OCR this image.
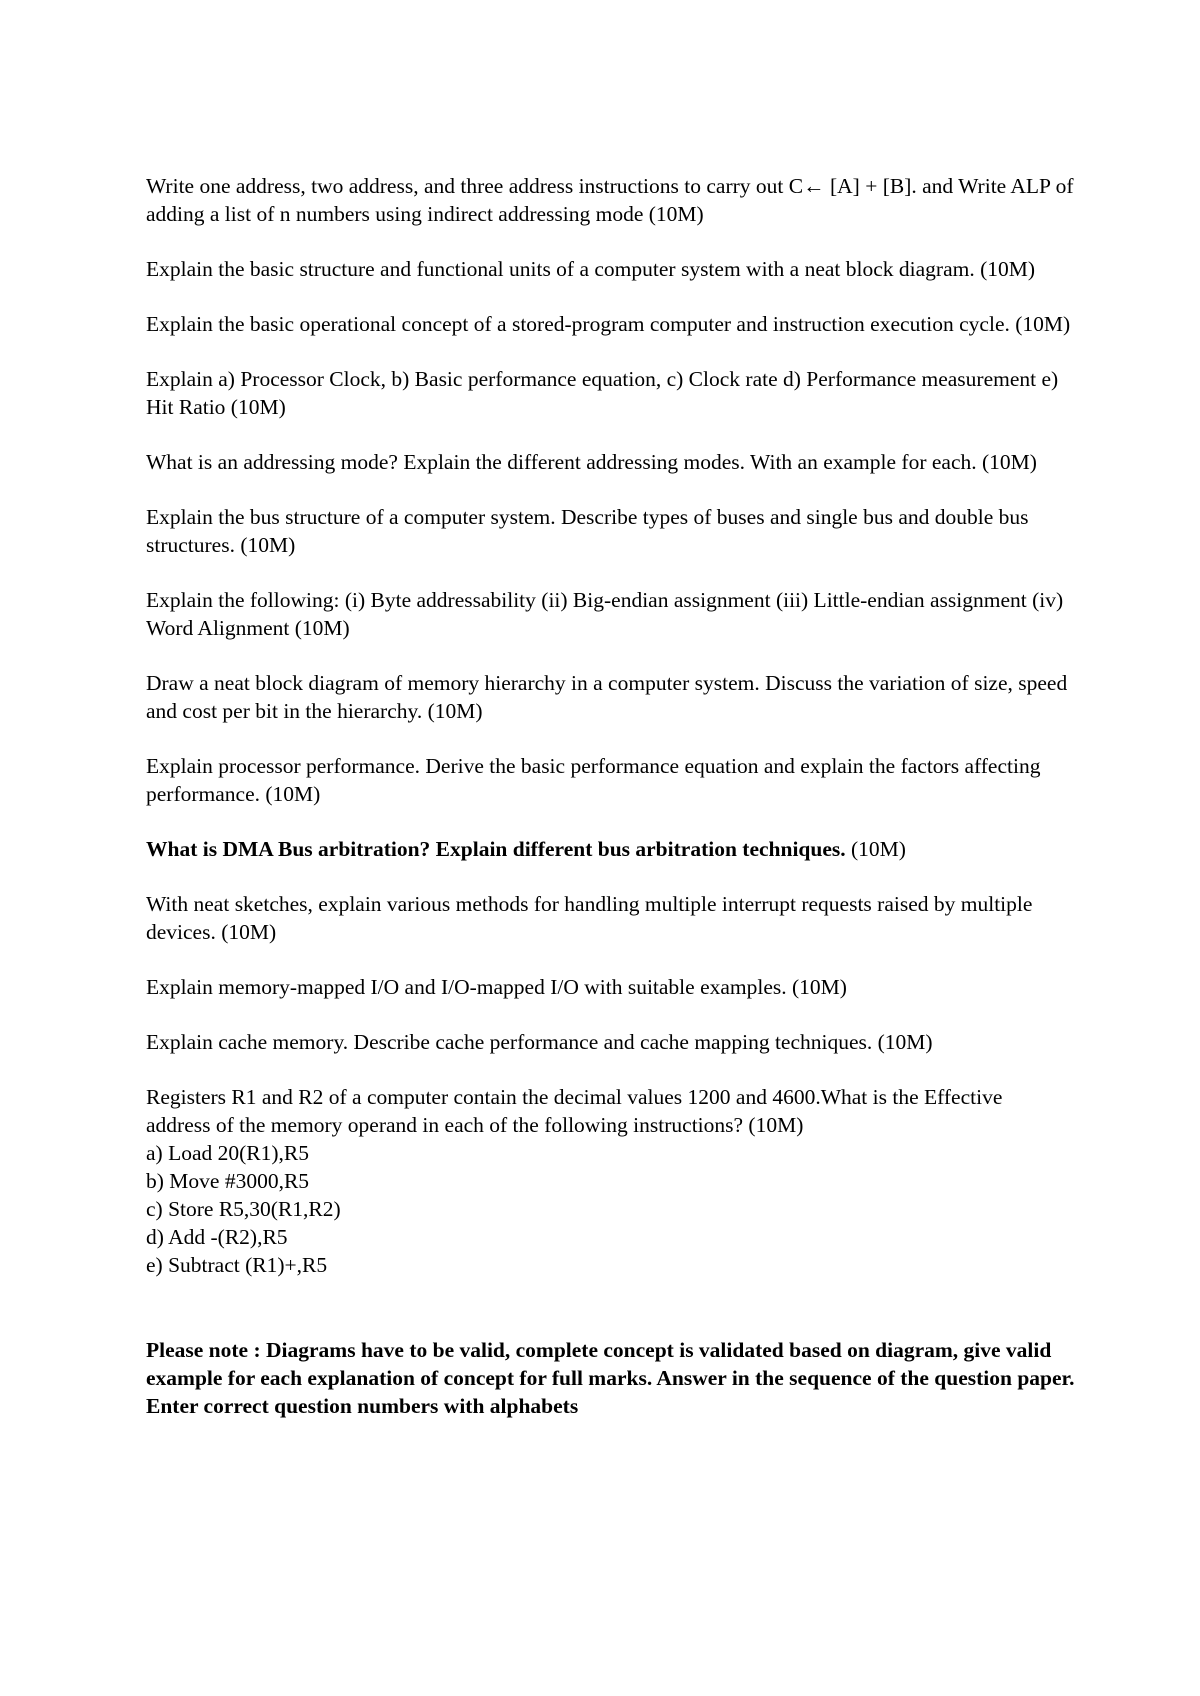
Write one address, two address, and three address instructions to carry out C← [A] + [B]. and Write ALP of adding a list of n numbers using indirect addressing mode (10M)

Explain the basic structure and functional units of a computer system with a neat block diagram. (10M)

Explain the basic operational concept of a stored-program computer and instruction execution cycle. (10M)

Explain a) Processor Clock, b) Basic performance equation, c) Clock rate d) Performance measurement e) Hit Ratio (10M)

What is an addressing mode? Explain the different addressing modes. With an example for each. (10M)

Explain the bus structure of a computer system. Describe types of buses and single bus and double bus structures. (10M)

Explain the following: (i) Byte addressability (ii) Big-endian assignment (iii) Little-endian assignment (iv) Word Alignment (10M)

Draw a neat block diagram of memory hierarchy in a computer system. Discuss the variation of size, speed and cost per bit in the hierarchy. (10M)

Explain processor performance. Derive the basic performance equation and explain the factors affecting performance. (10M)

What is DMA Bus arbitration? Explain different bus arbitration techniques. (10M)

With neat sketches, explain various methods for handling multiple interrupt requests raised by multiple devices. (10M)

Explain memory-mapped I/O and I/O-mapped I/O with suitable examples. (10M)

Explain cache memory. Describe cache performance and cache mapping techniques. (10M)

Registers R1 and R2 of a computer contain the decimal values 1200 and 4600.What is the Effective
address of the memory operand in each of the following instructions? (10M)
a) Load 20(R1),R5
b) Move #3000,R5
c) Store R5,30(R1,R2)
d) Add -(R2),R5
e) Subtract (R1)+,R5

Please note : Diagrams have to be valid, complete concept is validated based on diagram, give valid example for each explanation of concept for full marks. Answer in the sequence of the question paper. Enter correct question numbers with alphabets
